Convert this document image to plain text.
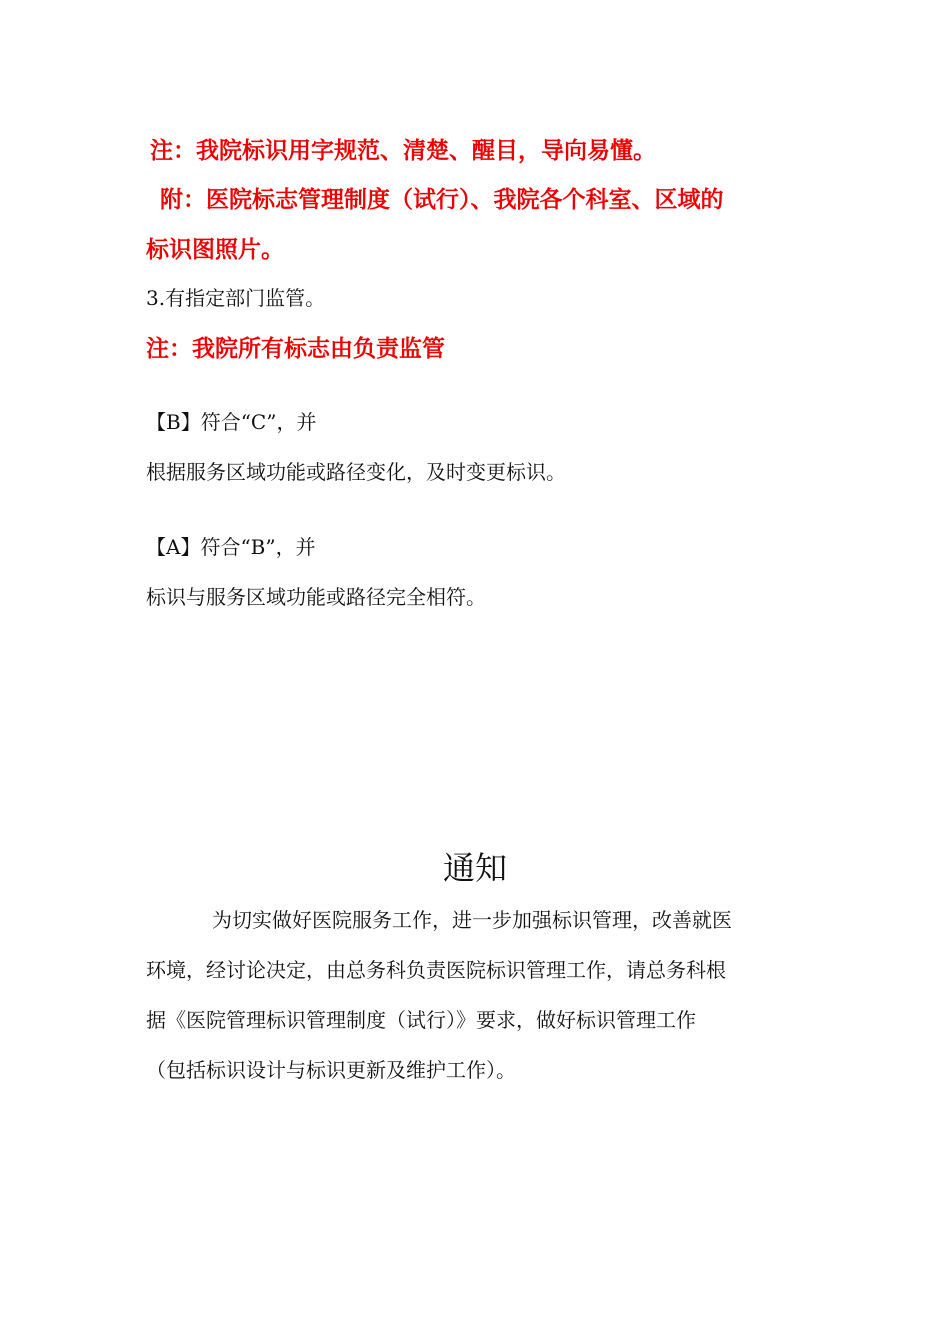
注：我院标识用字规范、清楚、醒目，导向易懂。
附：医院标志管理制度（试行）、我院各个科室、区域的
标识图照片。
3.有指定部门监管。
注：我院所有标志由负责监管
【B】符合“C”，并
根据服务区域功能或路径变化，及时变更标识。
【A】符合“B”，并
标识与服务区域功能或路径完全相符。
通知
为切实做好医院服务工作，进一步加强标识管理，改善就医
环境，经讨论决定，由总务科负责医院标识管理工作，请总务科根
据《医院管理标识管理制度（试行）》要求，做好标识管理工作
（包括标识设计与标识更新及维护工作）。
